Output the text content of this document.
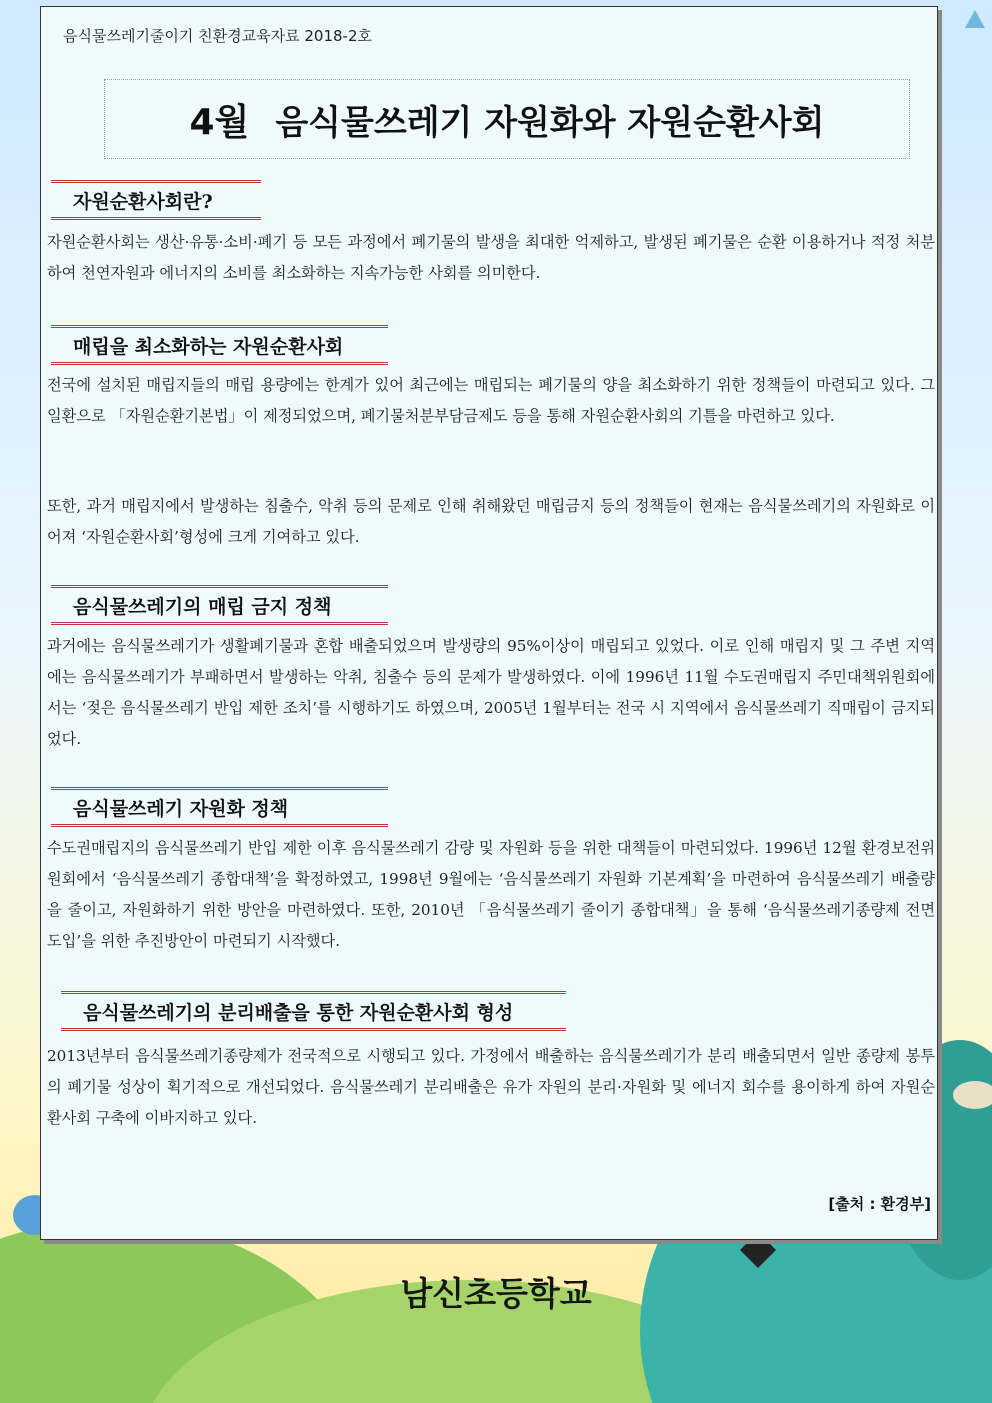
음식물쓰레기줄이기 친환경교육자료 2018-2호
4월 음식물쓰레기 자원화와 자원순환사회
자원순환사회란?

자원순환사회는 생산·유통·소비·폐기 등 모든 과정에서 폐기물의 발생을 최대한 억제하고, 발생된 폐기물은 순환 이용하거나 적정 처분하여 천연자원과 에너지의 소비를 최소화하는 지속가능한 사회를 의미한다.

매립을 최소화하는 자원순환사회

전국에 설치된 매립지들의 매립 용량에는 한계가 있어 최근에는 매립되는 폐기물의 양을 최소화하기 위한 정책들이 마련되고 있다. 그 일환으로 「자원순환기본법」이 제정되었으며, 폐기물처분부담금제도 등을 통해 자원순환사회의 기틀을 마련하고 있다.

또한, 과거 매립지에서 발생하는 침출수, 악취 등의 문제로 인해 취해왔던 매립금지 등의 정책들이 현재는 음식물쓰레기의 자원화로 이어져 ‘자원순환사회’형성에 크게 기여하고 있다.

음식물쓰레기의 매립 금지 정책

과거에는 음식물쓰레기가 생활폐기물과 혼합 배출되었으며 발생량의 95%이상이 매립되고 있었다. 이로 인해 매립지 및 그 주변 지역에는 음식물쓰레기가 부패하면서 발생하는 악취, 침출수 등의 문제가 발생하였다. 이에 1996년 11월 수도권매립지 주민대책위원회에서는 ‘젖은 음식물쓰레기 반입 제한 조치’를 시행하기도 하였으며, 2005년 1월부터는 전국 시 지역에서 음식물쓰레기 직매립이 금지되었다.

음식물쓰레기 자원화 정책

수도권매립지의 음식물쓰레기 반입 제한 이후 음식물쓰레기 감량 및 자원화 등을 위한 대책들이 마련되었다. 1996년 12월 환경보전위원회에서 ‘음식물쓰레기 종합대책’을 확정하였고, 1998년 9월에는 ‘음식물쓰레기 자원화 기본계획’을 마련하여 음식물쓰레기 배출량을 줄이고, 자원화하기 위한 방안을 마련하였다. 또한, 2010년 「음식물쓰레기 줄이기 종합대책」을 통해 ‘음식물쓰레기종량제 전면 도입’을 위한 추진방안이 마련되기 시작했다.

음식물쓰레기의 분리배출을 통한 자원순환사회 형성

2013년부터 음식물쓰레기종량제가 전국적으로 시행되고 있다. 가정에서 배출하는 음식물쓰레기가 분리 배출되면서 일반 종량제 봉투의 폐기물 성상이 획기적으로 개선되었다. 음식물쓰레기 분리배출은 유가 자원의 분리·자원화 및 에너지 회수를 용이하게 하여 자원순환사회 구축에 이바지하고 있다.

[출처 : 환경부]
남신초등학교
